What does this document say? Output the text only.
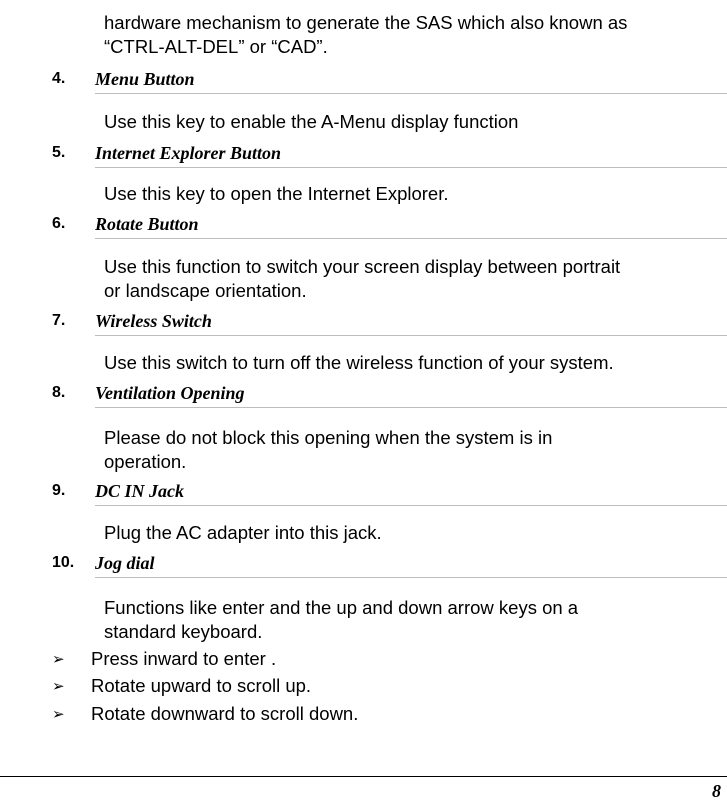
hardware mechanism to generate the SAS which also known as
“CTRL-ALT-DEL” or “CAD”.
4. Menu Button
Use this key to enable the A-Menu display function
5. Internet Explorer Button
Use this key to open the Internet Explorer.
6. Rotate Button
Use this function to switch your screen display between portrait
or landscape orientation.
7. Wireless Switch
Use this switch to turn off the wireless function of your system.
8. Ventilation Opening
Please do not block this opening when the system is in
operation.
9. DC IN Jack
Plug the AC adapter into this jack.
10. Jog dial
Functions like enter and the up and down arrow keys on a
standard keyboard.
➢ Press inward to enter .
➢ Rotate upward to scroll up.
➢ Rotate downward to scroll down.
8
